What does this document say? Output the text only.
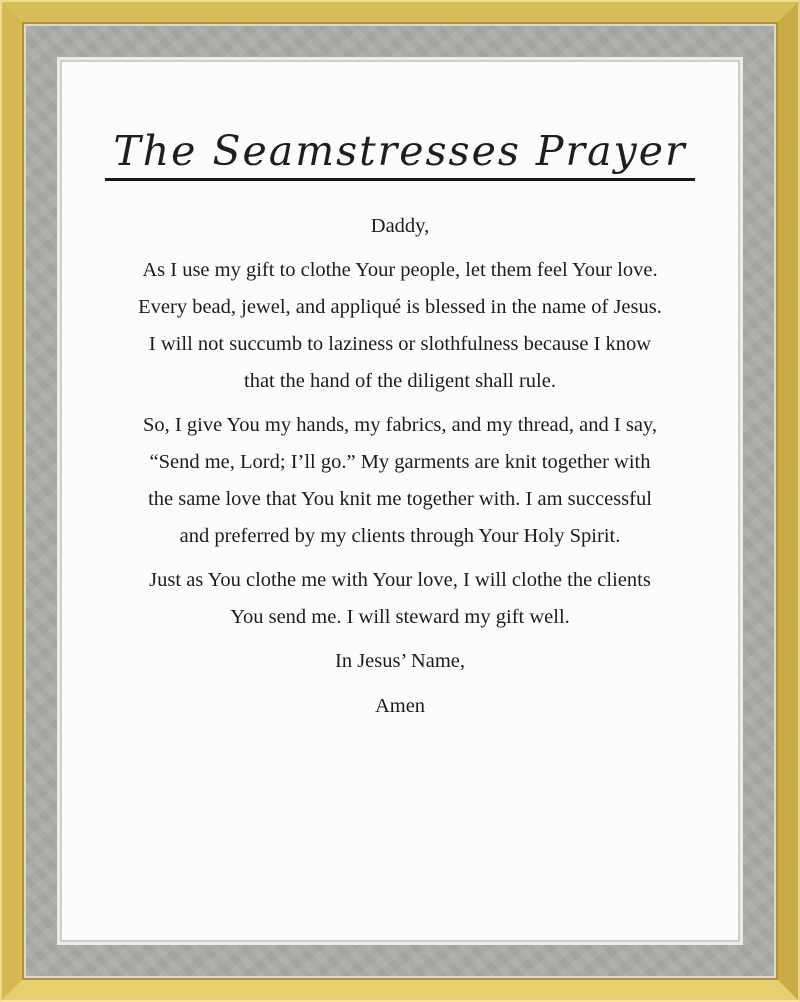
The Seamstresses Prayer
Daddy,

As I use my gift to clothe Your people, let them feel Your love. Every bead, jewel, and appliqué is blessed in the name of Jesus. I will not succumb to laziness or slothfulness because I know that the hand of the diligent shall rule.

So, I give You my hands, my fabrics, and my thread, and I say, “Send me, Lord; I’ll go.” My garments are knit together with the same love that You knit me together with. I am successful and preferred by my clients through Your Holy Spirit.

Just as You clothe me with Your love, I will clothe the clients You send me. I will steward my gift well.

In Jesus’ Name,
Amen
